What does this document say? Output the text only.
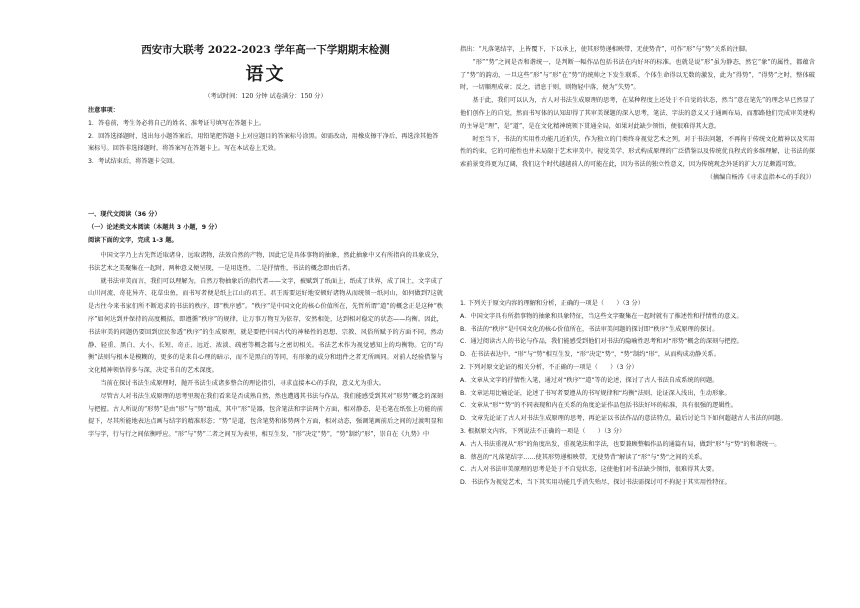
西安市大联考 2022-2023 学年高一下学期期末检测
语文
（考试时间：120 分钟 试卷满分：150 分）

注意事项：

1．答卷前，考生务必将自己的姓名、准考证号填写在答题卡上。

2．回答选择题时，选出每小题答案后，用铅笔把答题卡上对应题目的答案标号涂黑。如需改动，用橡皮擦干净后，再选涂其他答案标号。回答非选择题时，将答案写在答题卡上。写在本试卷上无效。

3．考试结束后，将答题卡交回。

一、现代文阅读（36 分）

（一）论述类文本阅读（本题共 3 小题，9 分）

阅读下面的文字，完成 1-3 题。

中国文字乃上古先哲近取诸身，远取诸物，法效自然的产物，因此它是具体事物的抽象，然此抽象中又有所指向的具象成分，书法艺术之美聚集在一起时，两种意义便呈现，一是用连性，二是抒情性，书法的概念即由后者。

就书法审美而言，我们可以理解为，自然万物抽象后的指代者——文字，被赋到了纸面上，纸成了世界，成了国土，文字成了山川河流、奇花异卉、花草虫鱼，而书写者便是纸上江山的君王。君王需要运好地安顿好诸物从而统领一纸河山，如何做到?这就是古往今来书家们所不断追求的书法的秩序，即“秩序感”。“秩序”是中国文化的核心价值所在，先哲所谓“道”的概念正是这种“秩序”如何达到并保持的高度概括，即遵循“秩序”的规律，让万事万物互为依存，安然相处，达到相对稳定的状态——均衡。因此，书法审美的问题仍要回到庶民参透“秩序”的生成原理，就是要把中国古代的神秘性的思想、宗教、风俗所赋予的方面不同，然动静、轻重、黑白、大小、长短、奇正、远近、浓淡、疏密等概念都与之密切相关。书法艺术作为视觉感知上的均衡物。它的“均衡”法则与根本是模糊的，更多的是来自心理的暗示，而不是黑白的等同，有形象的成分和组件之者无所画同。对前人经验借鉴与文化精神领悟得多与深，决定书自的艺术深度。

当前在探讨书法生成原理时，抛开书法生成诸多整合的理论指引，寻求直接本心的手段，意义尤为重大。

尽管古人对书法生成原理的思考里现在我们看来是否成熟自然，然也遭遇其书法与作品，我们能感受到其对“形势”概念的深刻与把握。古人所说的“形势”是由“形”与“势”组成，其中“形”是器，包含笔法和字法两个方面，相对静态，是毛笔在纸张上功能的前提下，尽其所能地表达点画与结字的精准形态；“势”是道，包含笔势和体势两个方面，相对动态，强调笔画前后之间的过渡明显和字与字，行与行之间依衡呼应。“形”与“势”二者之间互为表里，相互生发，“形”决定“势”，“势”制约“形”，崇自在《九势》中

指出：“凡落笔结字，上皆覆下，下以承上，使其形势递相映带，无使势背”，可作“形”与“势”关系的注脚。

“形”“势”之间是否和谐统一，是判断一幅作品包括书法在内好坏的标准。也就是说“形”虽为静态，然它“象”的属性，都蕴含了“势”的韵动，一旦这些“形”与“形”在“势”的统帅之下发生联系，个体生命得以无数的激发，此为“得势”，“得势”之时，整体破时，一切顺理成章；反之，清息于则，则物轻中落，便为“失势”。

基于此，我们可以认为，古人对书法生成原理的思考，在某种程度上还处于不自觉的状态，然当“意在笔先”的理念早已然显了他们创作上的自觉，然而书写体的认知却得了其审美课题的深入思考，笔法、字法的意义又于通画布局，而那路他们完成审美建构的主导是“理”，是“道”，是在文化精神统领下贯通全局，如果对此缺少领悟，便很难得其大意。

时至当下，书法的实用性功能几近拍失，作为独立的门类终身视觉艺术之列，对于书法问题，不再拘于传统文化精神以及实用性的约束，它的可能性也并未局限于艺术审美中。视觉美学、形式构成原理的广泛借鉴以及传统优良程式的多维理解，让书法的探索前景变得更为辽阔，我们这个时代越越前人的可能在此，因为书法的独立性意义，因为传统观念外延的扩大万足颇霞可致。

（摘编自杨涛《寻求直指本心的手段》）

1. 下列关于原文内容的理解和分析，正确的一项是（　　）（3 分）

A．中国文字具有所指事物的抽象和具象特征，当这些文字聚集在一起时就有了推述性和抒情性的意义。

B．书法的“秩序”是中国文化的核心价值所在，书法审美问题的探讨即“秩序”生成原理的探讨。

C．通过阅读古人的书论与作品，我们能感受到他们对书法的隐喻性思考和对“形势”概念的深刻与把控。

D．在书法表达中，“形”与“势”相互生发，“形”决定“势”，“势”制约“形”，从而构成动静关系。

2. 下列对原文论证的相关分析，不正确的一项是（　　）（3 分）

A．文章从文字的抒情性入笔，通过对“秩序”“道”等的论述，探讨了古人书法自成系统的问题。

B．文章运用比喻论证，论述了书写者要遵从的书写规律和“均衡”法则，论证深入浅出，生动形象。

C．文章从“形”“势”的不同表现和内在关系的角度论证作品包括书法好坏的标准，具有很强的逻辑性。

D．文章先论证了古人对书法生成原理的思考，再论证以书法作品的意法特点，最后讨论当下如何超越古人书法的问题。

3. 根据原文内容，下列说法不正确的一项是（　　）（3 分）

A．古人书法重视从“形”的角度出发，重视笔法和字法，也要兼顾整幅作品的通篇有局，做到“形”与“势”的和谐统一。

B．蔡邕的“凡落笔结字……使其形势递相映带，无使势背”解读了“形”与“势”之间的关系。

C．古人对书法审美原理的思考是处于不自觉状态，这使他们对书法缺少领悟，很难得其大要。

D．书法作为视觉艺术，当下其实用功能几乎消失殆尽，探讨书法需探讨可不拘泥于其实用性特征。
